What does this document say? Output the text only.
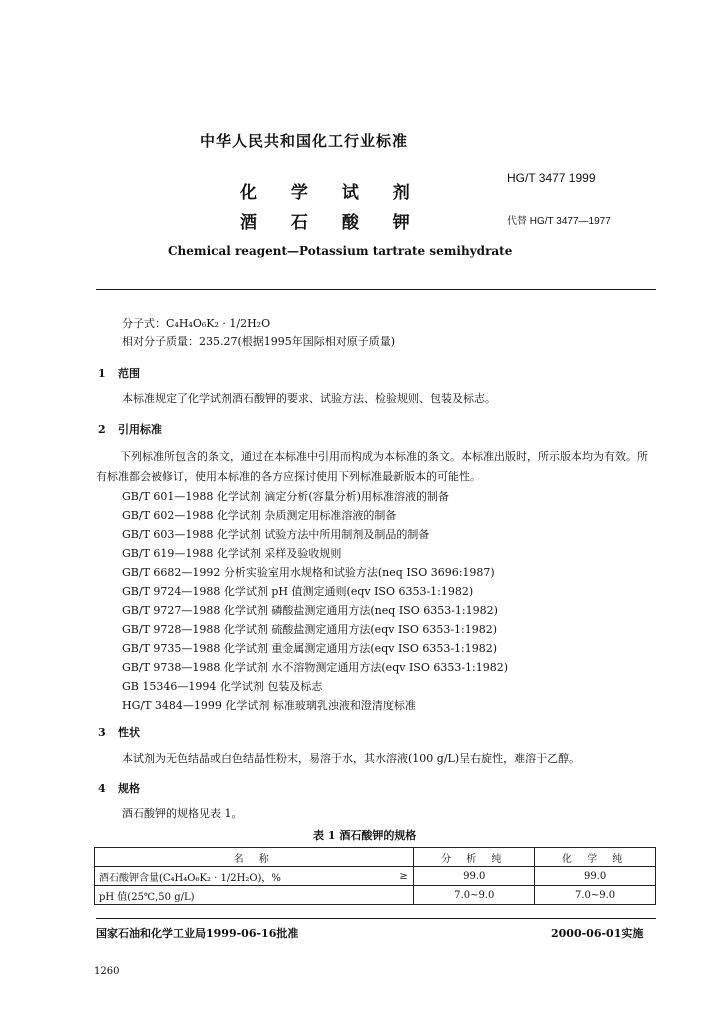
中华人民共和国化工行业标准
化 学 试 剂
酒 石 酸 钾
HG/T 3477 1999
代替 HG/T 3477—1977
Chemical reagent—Potassium tartrate semihydrate
分子式：C₄H₄O₆K₂ · 1/2H₂O
相对分子质量：235.27(根据1995年国际相对原子质量)
1 范围
本标准规定了化学试剂酒石酸钾的要求、试验方法、检验规则、包装及标志。
2 引用标准
下列标准所包含的条文，通过在本标准中引用而构成为本标准的条文。本标准出版时，所示版本均为有效。所有标准都会被修订，使用本标准的各方应探讨使用下列标准最新版本的可能性。
GB/T 601—1988 化学试剂 滴定分析(容量分析)用标准溶液的制备
GB/T 602—1988 化学试剂 杂质测定用标准溶液的制备
GB/T 603—1988 化学试剂 试验方法中所用制剂及制品的制备
GB/T 619—1988 化学试剂 采样及验收规则
GB/T 6682—1992 分析实验室用水规格和试验方法(neq ISO 3696:1987)
GB/T 9724—1988 化学试剂 pH 值测定通则(eqv ISO 6353-1:1982)
GB/T 9727—1988 化学试剂 磷酸盐测定通用方法(neq ISO 6353-1:1982)
GB/T 9728—1988 化学试剂 硫酸盐测定通用方法(eqv ISO 6353-1:1982)
GB/T 9735—1988 化学试剂 重金属测定通用方法(eqv ISO 6353-1:1982)
GB/T 9738—1988 化学试剂 水不溶物测定通用方法(eqv ISO 6353-1:1982)
GB 15346—1994 化学试剂 包装及标志
HG/T 3484—1999 化学试剂 标准玻璃乳浊液和澄清度标准
3 性状
本试剂为无色结晶或白色结晶性粉末，易溶于水，其水溶液(100 g/L)呈右旋性，难溶于乙醇。
4 规格
酒石酸钾的规格见表 1。
表 1 酒石酸钾的规格
名 称		分 析 纯	化 学 纯
酒石酸钾含量(C₄H₄O₆K₂ · 1/2H₂O)，%	≥	99.0	99.0
pH 值(25℃,50 g/L)		7.0~9.0	7.0~9.0
国家石油和化学工业局1999-06-16批准	2000-06-01实施
1260
